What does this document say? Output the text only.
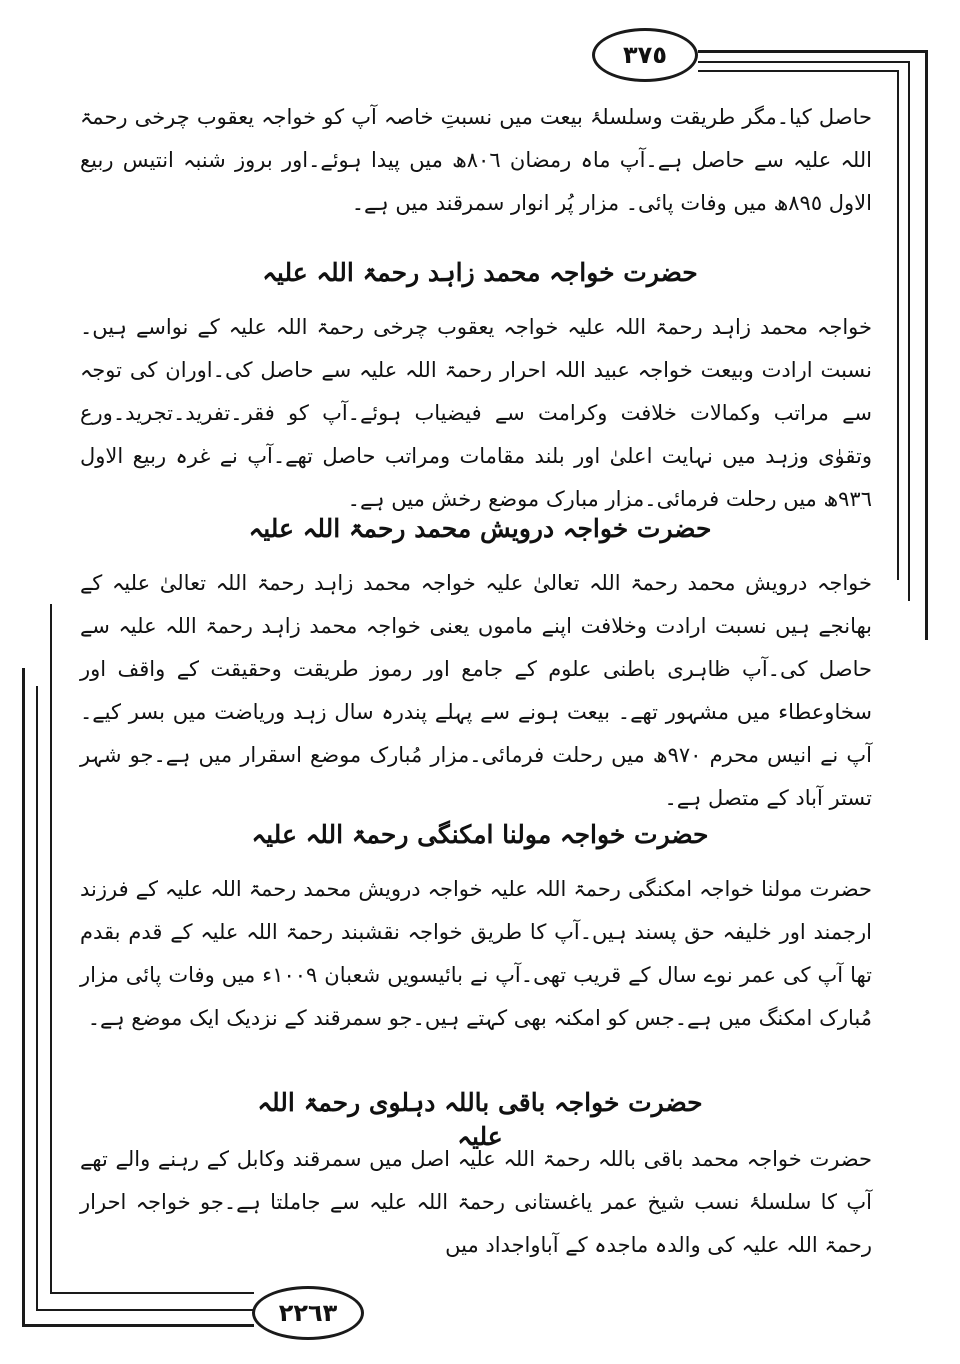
٣٧٥
٢٢٦٣

حاصل کیا۔مگر طریقت وسلسلۂ بیعت میں نسبتِ خاصہ آپ کو خواجہ یعقوب چرخی رحمۃ اللہ علیہ سے حاصل ہے۔آپ ماہ رمضان ٨٠٦ھ میں پیدا ہوئے۔اور بروز شنبہ انتیس ربیع الاول ٨٩٥ھ میں وفات پائی۔ مزار پُر انوار سمرقند میں ہے۔

حضرت خواجہ محمد زاہد رحمۃ اللہ علیہ

خواجہ محمد زاہد رحمۃ اللہ علیہ خواجہ یعقوب چرخی رحمۃ اللہ علیہ کے نواسے ہیں۔نسبت ارادت وبیعت خواجہ عبید اللہ احرار رحمۃ اللہ علیہ سے حاصل کی۔اوران کی توجہ سے مراتب وکمالات خلافت وکرامت سے فیضیاب ہوئے۔آپ کو فقر۔تفرید۔تجرید۔ورع وتقوٰی وزہد میں نہایت اعلیٰ اور بلند مقامات ومراتب حاصل تھے۔آپ نے غرہ ربیع الاول ٩٣٦ھ میں رحلت فرمائی۔مزار مبارک موضع رخش میں ہے۔

حضرت خواجہ درویش محمد رحمۃ اللہ علیہ

خواجہ درویش محمد رحمۃ اللہ تعالیٰ علیہ خواجہ محمد زاہد رحمۃ اللہ تعالیٰ علیہ کے بھانجے ہیں نسبت ارادت وخلافت اپنے ماموں یعنی خواجہ محمد زاہد رحمۃ اللہ علیہ سے حاصل کی۔آپ ظاہری باطنی علوم کے جامع اور رموز طریقت وحقیقت کے واقف اور سخاوعطاء میں مشہور تھے۔ بیعت ہونے سے پہلے پندرہ سال زہد وریاضت میں بسر کیے۔آپ نے انیس محرم ٩٧٠ھ میں رحلت فرمائی۔مزار مُبارک موضع اسقرار میں ہے۔جو شہر تستر آباد کے متصل ہے۔

حضرت خواجہ مولنا امکنگی رحمۃ اللہ علیہ

حضرت مولنا خواجہ امکنگی رحمۃ اللہ علیہ خواجہ درویش محمد رحمۃ اللہ علیہ کے فرزند ارجمند اور خلیفہ حق پسند ہیں۔آپ کا طریق خواجہ نقشبند رحمۃ اللہ علیہ کے قدم بقدم تھا آپ کی عمر نوے سال کے قریب تھی۔آپ نے بائیسویں شعبان ١٠٠٩ء میں وفات پائی مزار مُبارک امکنگ میں ہے۔جس کو امکنہ بھی کہتے ہیں۔جو سمرقند کے نزدیک ایک موضع ہے۔

حضرت خواجہ باقی باللہ دہلوی رحمۃ اللہ علیہ

حضرت خواجہ محمد باقی باللہ رحمۃ اللہ علیہ اصل میں سمرقند وکابل کے رہنے والے تھے آپ کا سلسلۂ نسب شیخ عمر یاغستانی رحمۃ اللہ علیہ سے جاملتا ہے۔جو خواجہ احرار رحمۃ اللہ علیہ کی والدہ ماجدہ کے آباواجداد میں
